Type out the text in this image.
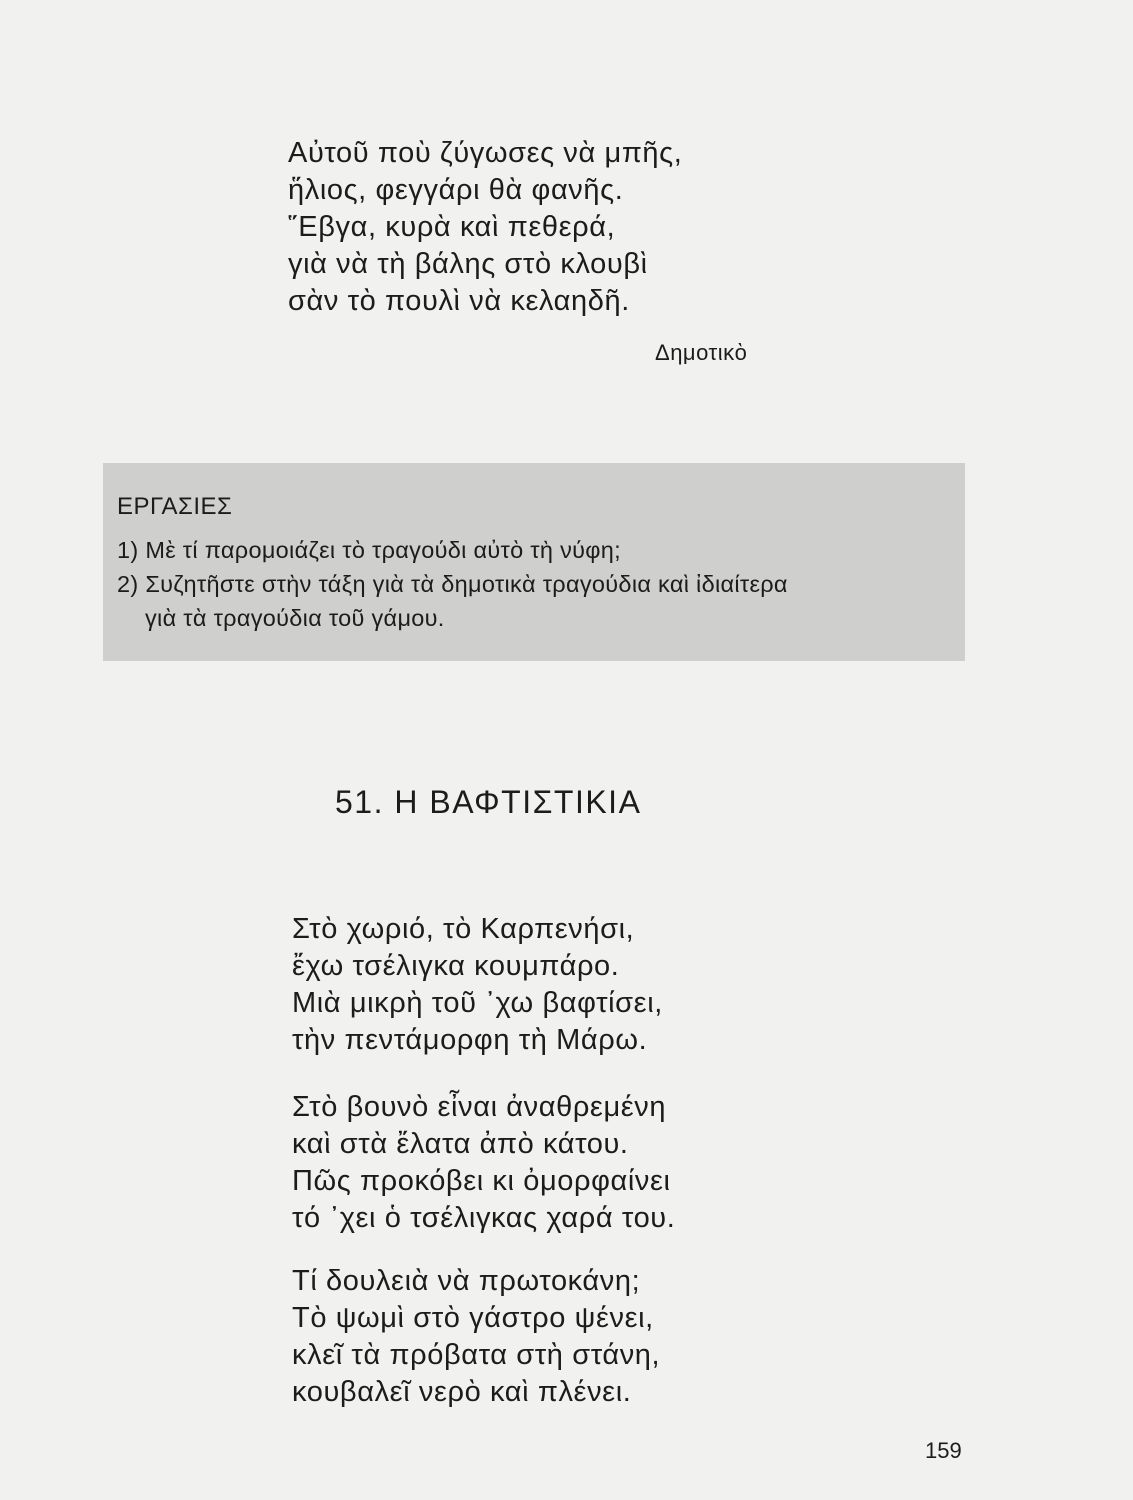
Αὐτοῦ ποὺ ζύγωσες νὰ μπῆς,
ἥλιος, φεγγάρι θὰ φανῆς.
῞Εβγα, κυρὰ καὶ πεθερά,
γιὰ νὰ τὴ βάλης στὸ κλουβὶ
σὰν τὸ πουλὶ νὰ κελαηδῆ.
Δημοτικὸ
ΕΡΓΑΣΙΕΣ
1) Μὲ τί παρομοιάζει τὸ τραγούδι αὐτὸ τὴ νύφη;
2) Συζητῆστε στὴν τάξη γιὰ τὰ δημοτικὰ τραγούδια καὶ ἰδιαίτερα
γιὰ τὰ τραγούδια τοῦ γάμου.
51. Η ΒΑΦΤΙΣΤΙΚΙΑ
Στὸ χωριό, τὸ Καρπενήσι,
ἔχω τσέλιγκα κουμπάρο.
Μιὰ μικρὴ τοῦ ᾽χω βαφτίσει,
τὴν πεντάμορφη τὴ Μάρω.
Στὸ βουνὸ εἶναι ἀναθρεμένη
καὶ στὰ ἔλατα ἀπὸ κάτου.
Πῶς προκόβει κι ὀμορφαίνει
τό ᾽χει ὁ τσέλιγκας χαρά του.
Τί δουλειὰ νὰ πρωτοκάνη;
Τὸ ψωμὶ στὸ γάστρο ψένει,
κλεῖ τὰ πρόβατα στὴ στάνη,
κουβαλεῖ νερὸ καὶ πλένει.
159
